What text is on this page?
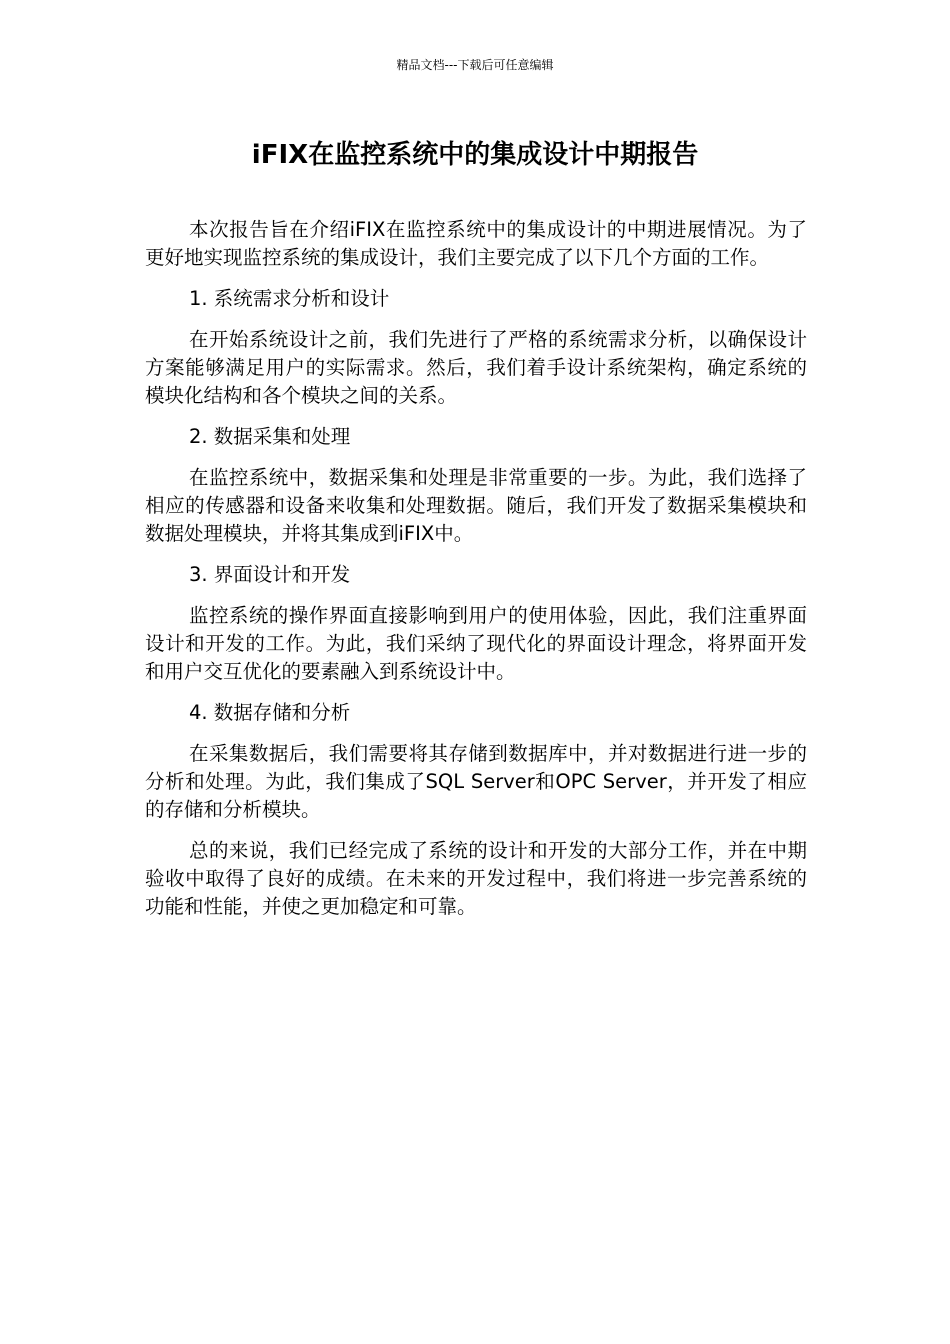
精品文档---下载后可任意编辑
iFIX在监控系统中的集成设计中期报告

本次报告旨在介绍iFIX在监控系统中的集成设计的中期进展情况。为了更好地实现监控系统的集成设计，我们主要完成了以下几个方面的工作。

1. 系统需求分析和设计

在开始系统设计之前，我们先进行了严格的系统需求分析，以确保设计方案能够满足用户的实际需求。然后，我们着手设计系统架构，确定系统的模块化结构和各个模块之间的关系。

2. 数据采集和处理

在监控系统中，数据采集和处理是非常重要的一步。为此，我们选择了相应的传感器和设备来收集和处理数据。随后，我们开发了数据采集模块和数据处理模块，并将其集成到iFIX中。

3. 界面设计和开发

监控系统的操作界面直接影响到用户的使用体验，因此，我们注重界面设计和开发的工作。为此，我们采纳了现代化的界面设计理念，将界面开发和用户交互优化的要素融入到系统设计中。

4. 数据存储和分析

在采集数据后，我们需要将其存储到数据库中，并对数据进行进一步的分析和处理。为此，我们集成了SQL Server和OPC Server，并开发了相应的存储和分析模块。

总的来说，我们已经完成了系统的设计和开发的大部分工作，并在中期验收中取得了良好的成绩。在未来的开发过程中，我们将进一步完善系统的功能和性能，并使之更加稳定和可靠。
